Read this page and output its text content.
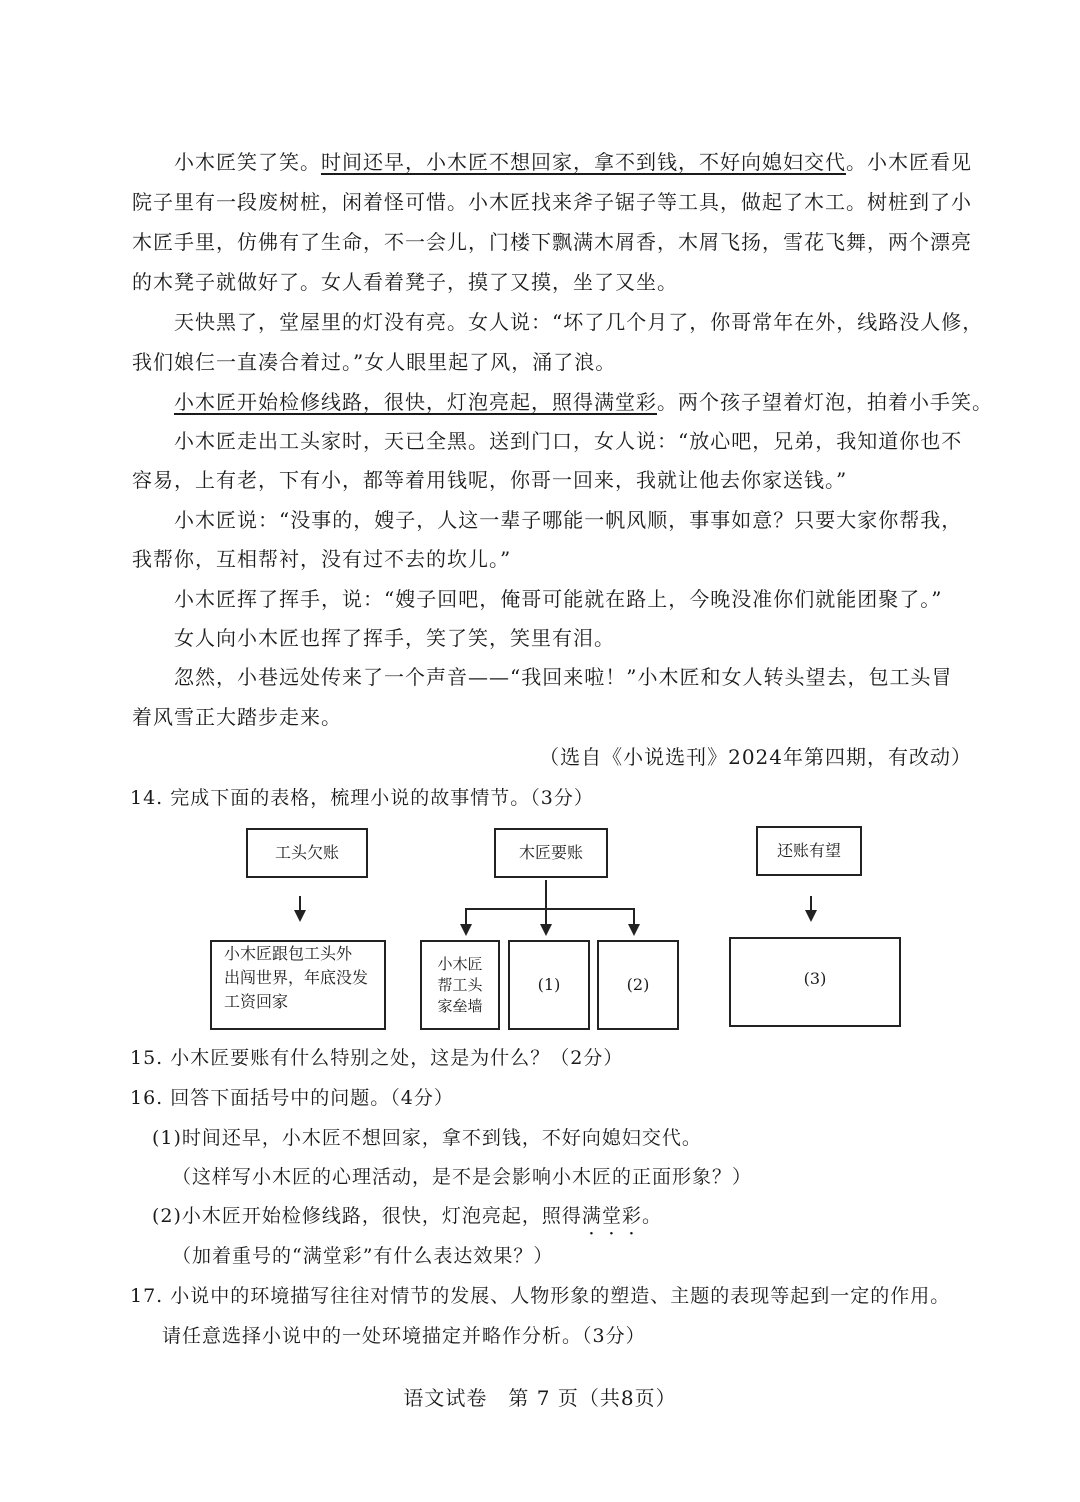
小木匠笑了笑。时间还早，小木匠不想回家，拿不到钱，不好向媳妇交代。小木匠看见
院子里有一段废树桩，闲着怪可惜。小木匠找来斧子锯子等工具，做起了木工。树桩到了小
木匠手里，仿佛有了生命，不一会儿，门楼下飘满木屑香，木屑飞扬，雪花飞舞，两个漂亮
的木凳子就做好了。女人看着凳子，摸了又摸，坐了又坐。
天快黑了，堂屋里的灯没有亮。女人说：“坏了几个月了，你哥常年在外，线路没人修，
我们娘仨一直凑合着过。”女人眼里起了风，涌了浪。
小木匠开始检修线路，很快，灯泡亮起，照得满堂彩。两个孩子望着灯泡，拍着小手笑。
小木匠走出工头家时，天已全黑。送到门口，女人说：“放心吧，兄弟，我知道你也不
容易，上有老，下有小，都等着用钱呢，你哥一回来，我就让他去你家送钱。”
小木匠说：“没事的，嫂子，人这一辈子哪能一帆风顺，事事如意？只要大家你帮我，
我帮你，互相帮衬，没有过不去的坎儿。”
小木匠挥了挥手，说：“嫂子回吧，俺哥可能就在路上，今晚没准你们就能团聚了。”
女人向小木匠也挥了挥手，笑了笑，笑里有泪。
忽然，小巷远处传来了一个声音——“我回来啦！”小木匠和女人转头望去，包工头冒
着风雪正大踏步走来。
（选自《小说选刊》2024年第四期，有改动）
14. 完成下面的表格，梳理小说的故事情节。（3分）
工头欠账	木匠要账	还账有望
小木匠跟包工头外
出闯世界，年底没发
工资回家
小木匠
帮工头
家垒墙
(1)	(2)	(3)
15. 小木匠要账有什么特别之处，这是为什么？（2分）
16. 回答下面括号中的问题。（4分）
(1)时间还早，小木匠不想回家，拿不到钱，不好向媳妇交代。
（这样写小木匠的心理活动，是不是会影响小木匠的正面形象？）
(2)小木匠开始检修线路，很快，灯泡亮起，照得满堂彩。
（加着重号的“满堂彩”有什么表达效果？）
17. 小说中的环境描写往往对情节的发展、人物形象的塑造、主题的表现等起到一定的作用。
请任意选择小说中的一处环境描定并略作分析。（3分）
语文试卷　第 7 页（共8页）
